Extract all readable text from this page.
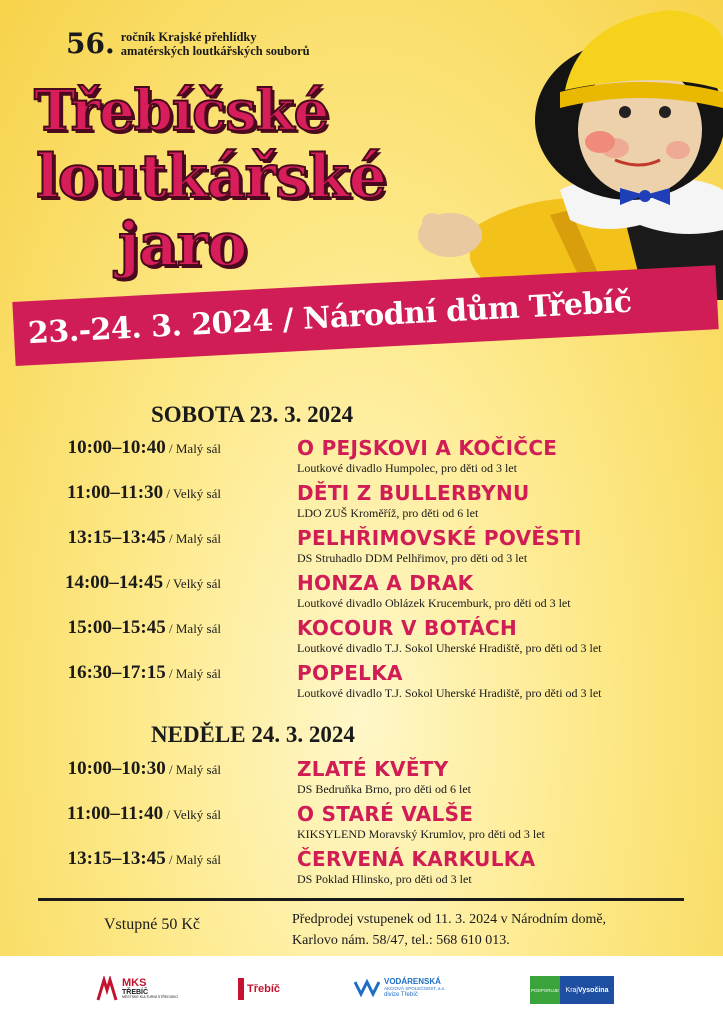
56. ročník Krajské přehlídky
amatérských loutkářských souborů
Třebíčské
loutkářské
jaro
23.-24. 3. 2024 / Národní dům Třebíč
SOBOTA 23. 3. 2024
10:00–10:40 / Malý sál	O PEJSKOVI A KOČIČCE
Loutkové divadlo Humpolec, pro děti od 3 let
11:00–11:30 / Velký sál	DĚTI Z BULLERBYNU
LDO ZUŠ Kroměříž, pro děti od 6 let
13:15–13:45 / Malý sál	PELHŘIMOVSKÉ POVĚSTI
DS Struhadlo DDM Pelhřimov, pro děti od 3 let
14:00–14:45 / Velký sál	HONZA A DRAK
Loutkové divadlo Oblázek Krucemburk, pro děti od 3 let
15:00–15:45 / Malý sál	KOCOUR V BOTÁCH
Loutkové divadlo T.J. Sokol Uherské Hradiště, pro děti od 3 let
16:30–17:15 / Malý sál	POPELKA
Loutkové divadlo T.J. Sokol Uherské Hradiště, pro děti od 3 let
NEDĚLE 24. 3. 2024
10:00–10:30 / Malý sál	ZLATÉ KVĚTY
DS Bedruňka Brno, pro děti od 6 let
11:00–11:40 / Velký sál	O STARÉ VALŠE
KIKSYLEND Moravský Krumlov, pro děti od 3 let
13:15–13:45 / Malý sál	ČERVENÁ KARKULKA
DS Poklad Hlinsko, pro děti od 3 let
Vstupné 50 Kč	Předprodej vstupenek od 11. 3. 2024 v Národním domě,
Karlovo nám. 58/47, tel.: 568 610 013.
MKS
TŘEBÍČ
MĚSTSKÉ KULTURNÍ STŘEDISKO
Třebíč
VODÁRENSKÁ
AKCIOVÁ SPOLEČNOST, a.s.
divize Třebíč
PODPORUJE Kraj Vysočina
